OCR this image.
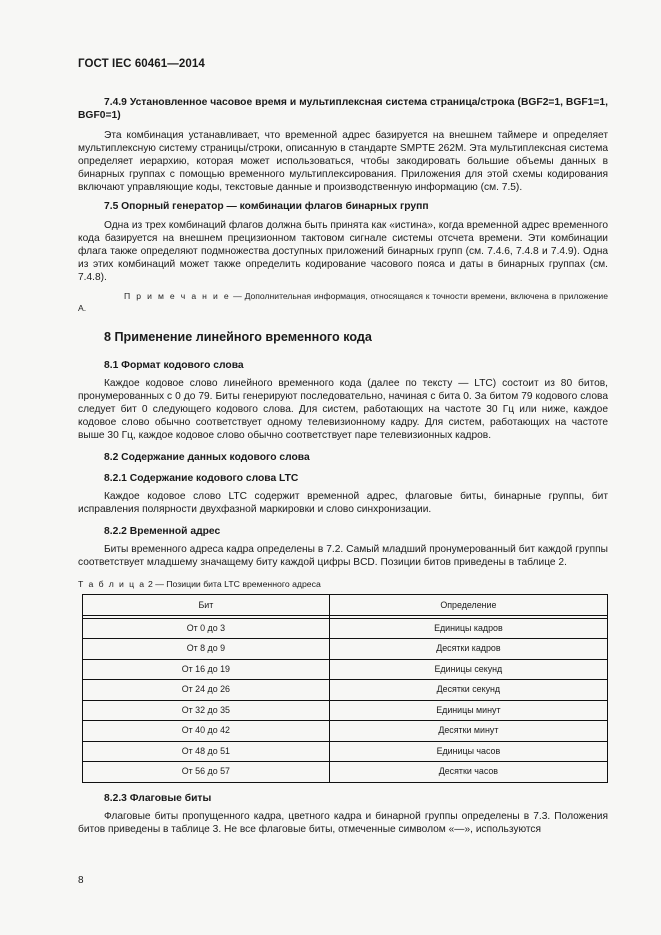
ГОСТ IEC 60461—2014
7.4.9 Установленное часовое время и мультиплексная система страница/строка (BGF2=1, BGF1=1, BGF0=1)

Эта комбинация устанавливает, что временной адрес базируется на внешнем таймере и определяет мультиплексную систему страницы/строки, описанную в стандарте SMPTE 262M. Эта мультиплексная система определяет иерархию, которая может использоваться, чтобы закодировать большие объемы данных в бинарных группах с помощью временного мультиплексирования. Приложения для этой схемы кодирования включают управляющие коды, текстовые данные и производственную информацию (см. 7.5).

7.5 Опорный генератор — комбинации флагов бинарных групп

Одна из трех комбинаций флагов должна быть принята как «истина», когда временной адрес временного кода базируется на внешнем прецизионном тактовом сигнале системы отсчета времени. Эти комбинации флага также определяют подмножества доступных приложений бинарных групп (см. 7.4.6, 7.4.8 и 7.4.9). Одна из этих комбинаций может также определить кодирование часового пояса и даты в бинарных группах (см. 7.4.8).

П р и м е ч а н и е — Дополнительная информация, относящаяся к точности времени, включена в приложение А.

8 Применение линейного временного кода
8.1 Формат кодового слова

Каждое кодовое слово линейного временного кода (далее по тексту — LTC) состоит из 80 битов, пронумерованных с 0 до 79. Биты генерируют последовательно, начиная с бита 0. За битом 79 кодового слова следует бит 0 следующего кодового слова. Для систем, работающих на частоте 30 Гц или ниже, каждое кодовое слово обычно соответствует одному телевизионному кадру. Для систем, работающих на частоте выше 30 Гц, каждое кодовое слово обычно соответствует паре телевизионных кадров.

8.2 Содержание данных кодового слова
8.2.1 Содержание кодового слова LTC

Каждое кодовое слово LTC содержит временной адрес, флаговые биты, бинарные группы, бит исправления полярности двухфазной маркировки и слово синхронизации.

8.2.2 Временной адрес

Биты временного адреса кадра определены в 7.2. Самый младший пронумерованный бит каждой группы соответствует младшему значащему биту каждой цифры BCD. Позиции битов приведены в таблице 2.

Т а б л и ц а 2 — Позиции бита LTC временного адреса
Бит	Определение

От 0 до 3	Единицы кадров
От 8 до 9	Десятки кадров
От 16 до 19	Единицы секунд
От 24 до 26	Десятки секунд
От 32 до 35	Единицы минут
От 40 до 42	Десятки минут
От 48 до 51	Единицы часов
От 56 до 57	Десятки часов
8.2.3 Флаговые биты

Флаговые биты пропущенного кадра, цветного кадра и бинарной группы определены в 7.3. Положения битов приведены в таблице 3. Не все флаговые биты, отмеченные символом «—», используются

8
